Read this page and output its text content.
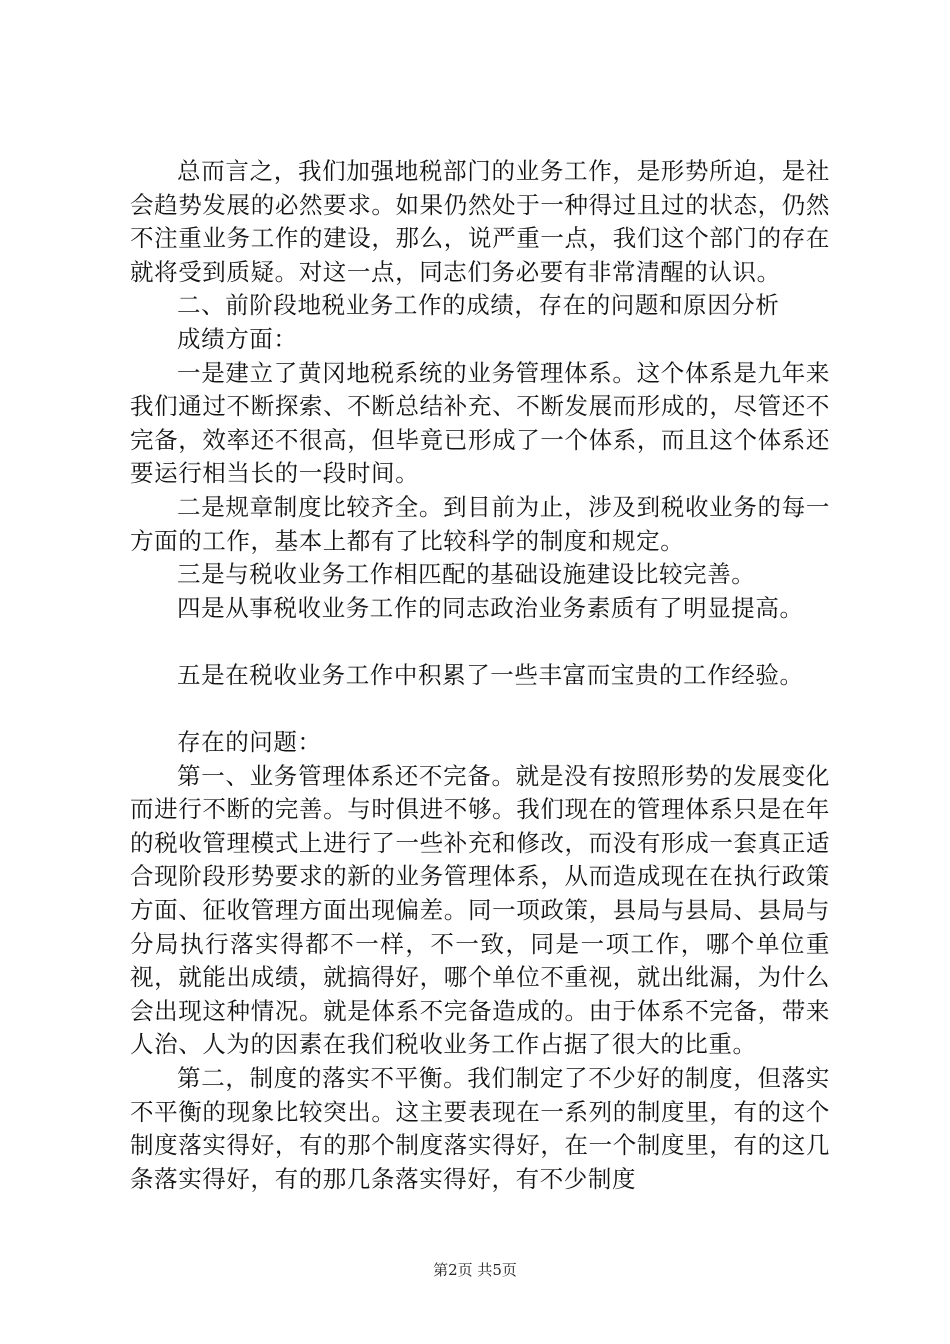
总而言之，我们加强地税部门的业务工作，是形势所迫，是社会趋势发展的必然要求。如果仍然处于一种得过且过的状态，仍然不注重业务工作的建设，那么，说严重一点，我们这个部门的存在就将受到质疑。对这一点，同志们务必要有非常清醒的认识。

二、前阶段地税业务工作的成绩，存在的问题和原因分析

成绩方面：

一是建立了黄冈地税系统的业务管理体系。这个体系是九年来我们通过不断探索、不断总结补充、不断发展而形成的，尽管还不完备，效率还不很高，但毕竟已形成了一个体系，而且这个体系还要运行相当长的一段时间。

二是规章制度比较齐全。到目前为止，涉及到税收业务的每一方面的工作，基本上都有了比较科学的制度和规定。

三是与税收业务工作相匹配的基础设施建设比较完善。

四是从事税收业务工作的同志政治业务素质有了明显提高。

五是在税收业务工作中积累了一些丰富而宝贵的工作经验。

存在的问题：

第一、业务管理体系还不完备。就是没有按照形势的发展变化而进行不断的完善。与时俱进不够。我们现在的管理体系只是在年的税收管理模式上进行了一些补充和修改，而没有形成一套真正适合现阶段形势要求的新的业务管理体系，从而造成现在在执行政策方面、征收管理方面出现偏差。同一项政策，县局与县局、县局与分局执行落实得都不一样，不一致，同是一项工作，哪个单位重视，就能出成绩，就搞得好，哪个单位不重视，就出纰漏，为什么会出现这种情况。就是体系不完备造成的。由于体系不完备，带来人治、人为的因素在我们税收业务工作占据了很大的比重。

第二，制度的落实不平衡。我们制定了不少好的制度，但落实不平衡的现象比较突出。这主要表现在一系列的制度里，有的这个制度落实得好，有的那个制度落实得好，在一个制度里，有的这几条落实得好，有的那几条落实得好，有不少制度

第2页 共5页
